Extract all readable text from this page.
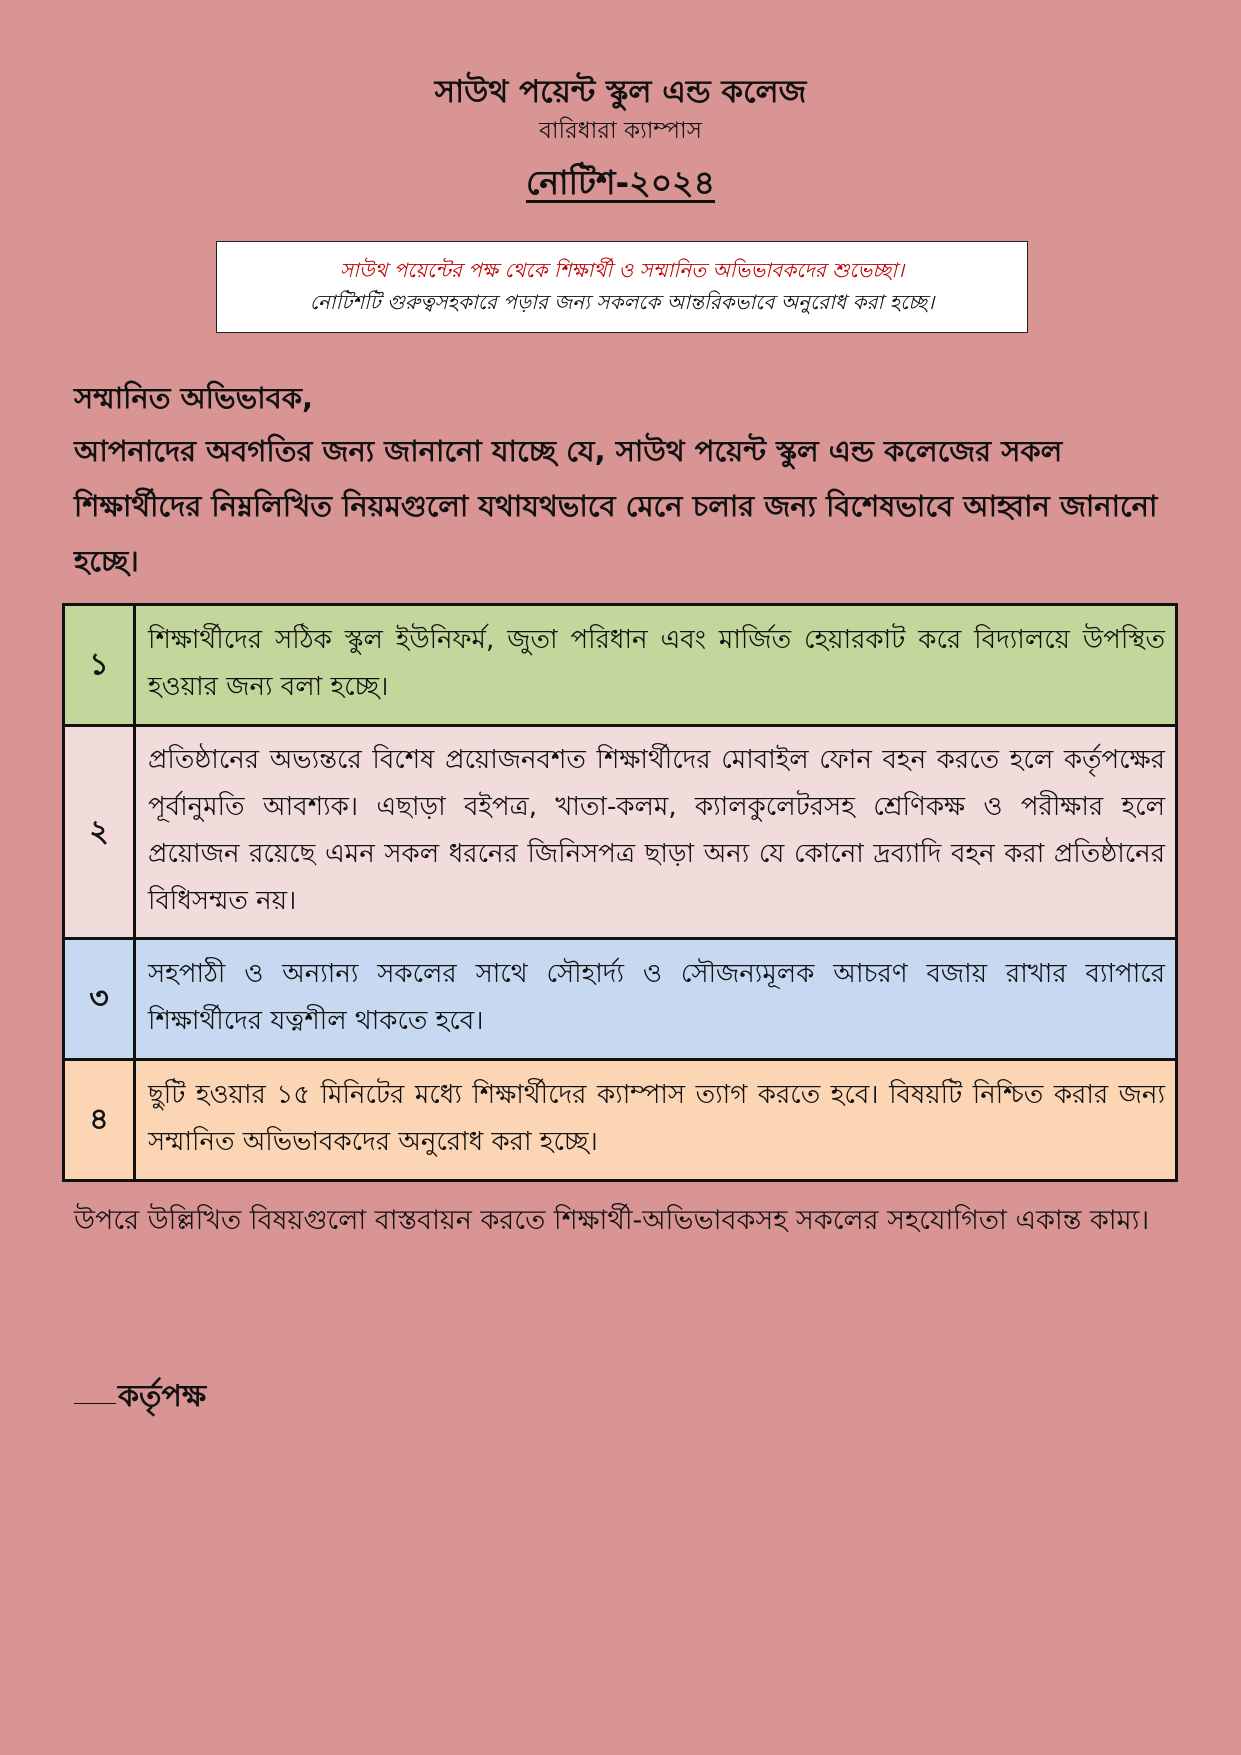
সাউথ পয়েন্ট স্কুল এন্ড কলেজ
বারিধারা ক্যাম্পাস
নোটিশ-২০২৪
সাউথ পয়েন্টের পক্ষ থেকে শিক্ষার্থী ও সম্মানিত অভিভাবকদের শুভেচ্ছা।
নোটিশটি গুরুত্বসহকারে পড়ার জন্য সকলকে আন্তরিকভাবে অনুরোধ করা হচ্ছে।
সম্মানিত অভিভাবক,
আপনাদের অবগতির জন্য জানানো যাচ্ছে যে, সাউথ পয়েন্ট স্কুল এন্ড কলেজের সকল শিক্ষার্থীদের নিম্নলিখিত নিয়মগুলো যথাযথভাবে মেনে চলার জন্য বিশেষভাবে আহ্বান জানানো হচ্ছে।
১	শিক্ষার্থীদের সঠিক স্কুল ইউনিফর্ম, জুতা পরিধান এবং মার্জিত হেয়ারকাট করে বিদ্যালয়ে উপস্থিত হওয়ার জন্য বলা হচ্ছে।
২	প্রতিষ্ঠানের অভ্যন্তরে বিশেষ প্রয়োজনবশত শিক্ষার্থীদের মোবাইল ফোন বহন করতে হলে কর্তৃপক্ষের পূর্বানুমতি আবশ্যক। এছাড়া বইপত্র, খাতা-কলম, ক্যালকুলেটরসহ শ্রেণিকক্ষ ও পরীক্ষার হলে প্রয়োজন রয়েছে এমন সকল ধরনের জিনিসপত্র ছাড়া অন্য যে কোনো দ্রব্যাদি বহন করা প্রতিষ্ঠানের বিধিসম্মত নয়।
৩	সহপাঠী ও অন্যান্য সকলের সাথে সৌহার্দ্য ও সৌজন্যমূলক আচরণ বজায় রাখার ব্যাপারে শিক্ষার্থীদের যত্নশীল থাকতে হবে।
৪	ছুটি হওয়ার ১৫ মিনিটের মধ্যে শিক্ষার্থীদের ক্যাম্পাস ত্যাগ করতে হবে। বিষয়টি নিশ্চিত করার জন্য সম্মানিত অভিভাবকদের অনুরোধ করা হচ্ছে।
উপরে উল্লিখিত বিষয়গুলো বাস্তবায়ন করতে শিক্ষার্থী-অভিভাবকসহ সকলের সহযোগিতা একান্ত কাম্য।
কর্তৃপক্ষ
